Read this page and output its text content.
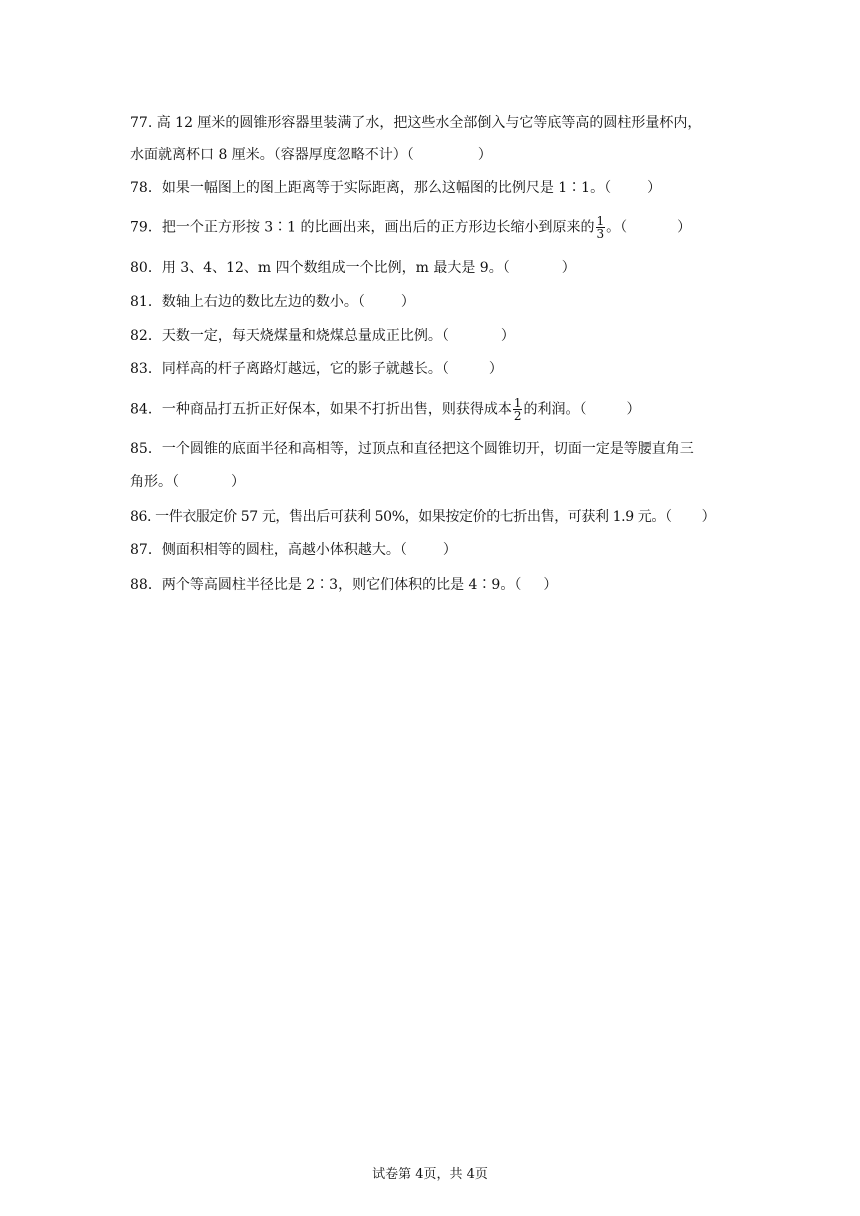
77. 高 12 厘米的圆锥形容器里装满了水，把这些水全部倒入与它等底等高的圆柱形量杯内，
水面就离杯口 8 厘米。（容器厚度忽略不计）（	）
78．如果一幅图上的图上距离等于实际距离，那么这幅图的比例尺是 1∶1。（	）
79．把一个正方形按 3∶1 的比画出来，画出后的正方形边长缩小到原来的 $\frac{1}{3}$ 。（	）
80．用 3、4、12、m 四个数组成一个比例，m 最大是 9。（	）
81．数轴上右边的数比左边的数小。（	）
82．天数一定，每天烧煤量和烧煤总量成正比例。（	）
83．同样高的杆子离路灯越远，它的影子就越长。（	）
84．一种商品打五折正好保本，如果不打折出售，则获得成本 $\frac{1}{2}$ 的利润。（	）
85．一个圆锥的底面半径和高相等，过顶点和直径把这个圆锥切开，切面一定是等腰直角三
角形。（	）
86. 一件衣服定价 57 元，售出后可获利 50%，如果按定价的七折出售，可获利 1.9 元。（ ）
87．侧面积相等的圆柱，高越小体积越大。（	）
88．两个等高圆柱半径比是 2∶3，则它们体积的比是 4∶9。（ ）
试卷第 4页，共 4页
